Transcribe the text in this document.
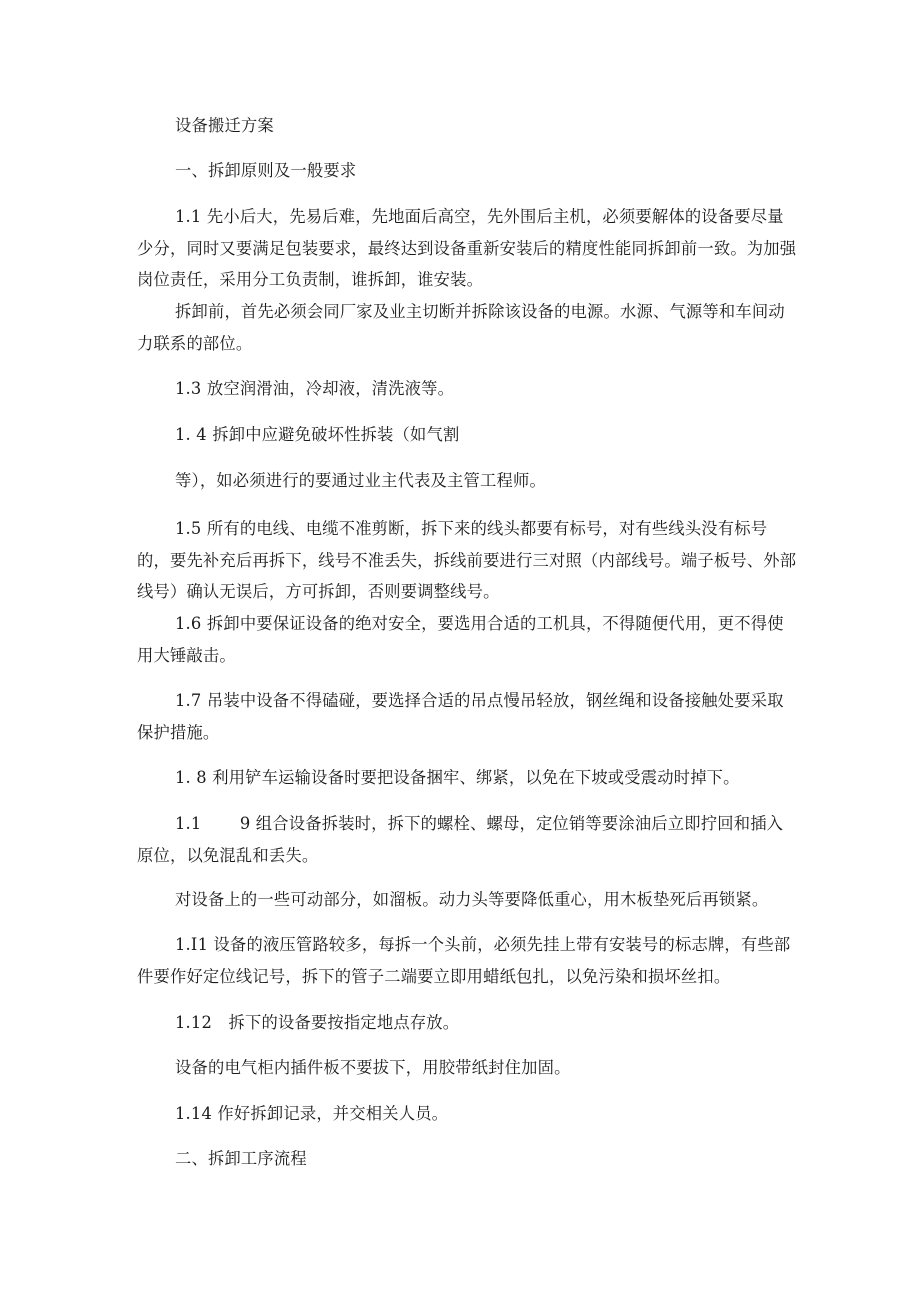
设备搬迁方案
一、拆卸原则及一般要求
1.1 先小后大，先易后难，先地面后高空，先外围后主机，必须要解体的设备要尽量少分，同时又要满足包装要求，最终达到设备重新安装后的精度性能同拆卸前一致。为加强岗位责任，采用分工负责制，谁拆卸，谁安装。
拆卸前，首先必须会同厂家及业主切断并拆除该设备的电源。水源、气源等和车间动力联系的部位。
1.3 放空润滑油，冷却液，清洗液等。
1. 4 拆卸中应避免破坏性拆装（如气割
等），如必须进行的要通过业主代表及主管工程师。
1.5 所有的电线、电缆不准剪断，拆下来的线头都要有标号，对有些线头没有标号的，要先补充后再拆下，线号不准丢失，拆线前要进行三对照（内部线号。端子板号、外部线号）确认无误后，方可拆卸，否则要调整线号。
1.6 拆卸中要保证设备的绝对安全，要选用合适的工机具，不得随便代用，更不得使用大锤敲击。
1.7 吊装中设备不得磕碰，要选择合适的吊点慢吊轻放，钢丝绳和设备接触处要采取保护措施。
1. 8 利用铲车运输设备时要把设备捆牢、绑紧，以免在下坡或受震动时掉下。
1.1　　 9 组合设备拆装时，拆下的螺栓、螺母，定位销等要涂油后立即拧回和插入原位，以免混乱和丢失。
对设备上的一些可动部分，如溜板。动力头等要降低重心，用木板垫死后再锁紧。
1.I1 设备的液压管路较多，每拆一个头前，必须先挂上带有安装号的标志牌，有些部件要作好定位线记号，拆下的管子二端要立即用蜡纸包扎，以免污染和损坏丝扣。
1.12　拆下的设备要按指定地点存放。
设备的电气柜内插件板不要拔下，用胶带纸封住加固。
1.14 作好拆卸记录，并交相关人员。
二、拆卸工序流程
